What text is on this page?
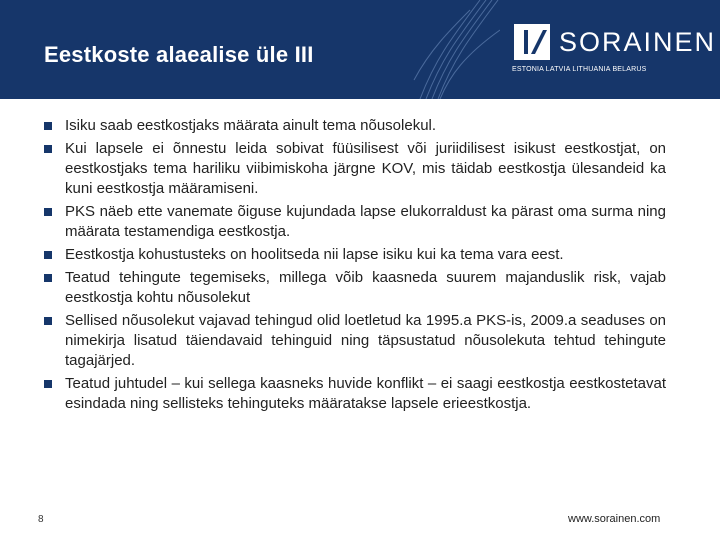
Eestkoste alaealise üle III	SORAINEN
ESTONIA LATVIA LITHUANIA BELARUS
Isiku saab eestkostjaks määrata ainult tema nõusolekul.
Kui lapsele ei õnnestu leida sobivat füüsilisest või juriidilisest isikust eestkostjat, on eestkostjaks tema hariliku viibimiskoha järgne KOV, mis täidab eestkostja ülesandeid ka kuni eestkostja määramiseni.
PKS näeb ette vanemate õiguse kujundada lapse elukorraldust ka pärast oma surma ning määrata testamendiga eestkostja.
Eestkostja kohustusteks on hoolitseda nii lapse isiku kui ka tema vara eest.
Teatud tehingute tegemiseks, millega võib kaasneda suurem majanduslik risk, vajab eestkostja kohtu nõusolekut
Sellised nõusolekut vajavad tehingud olid loetletud ka 1995.a PKS-is, 2009.a seaduses on nimekirja lisatud täiendavaid tehinguid ning täpsustatud nõusolekuta tehtud tehingute tagajärjed.
Teatud juhtudel – kui sellega kaasneks huvide konflikt – ei saagi eestkostja eestkostetavat esindada ning sellisteks tehinguteks määratakse lapsele erieestkostja.
8	www.sorainen.com
